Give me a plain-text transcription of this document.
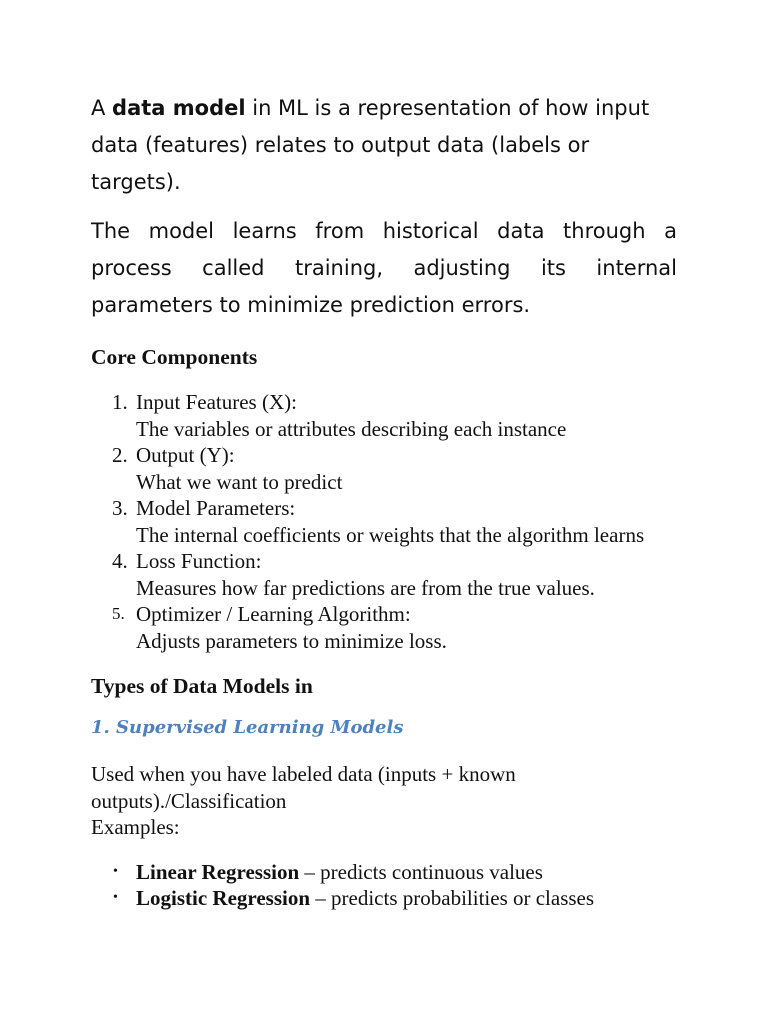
A data model in ML is a representation of how input data (features) relates to output data (labels or targets).

The model learns from historical data through a process called training, adjusting its internal parameters to minimize prediction errors.

Core Components
1. Input Features (X):
The variables or attributes describing each instance
2. Output (Y):
What we want to predict
3. Model Parameters:
The internal coefficients or weights that the algorithm learns
4. Loss Function:
Measures how far predictions are from the true values.
5. Optimizer / Learning Algorithm:
Adjusts parameters to minimize loss.
Types of Data Models in
1. Supervised Learning Models
Used when you have labeled data (inputs + known outputs)./Classification
Examples:
• Linear Regression – predicts continuous values
• Logistic Regression – predicts probabilities or classes
